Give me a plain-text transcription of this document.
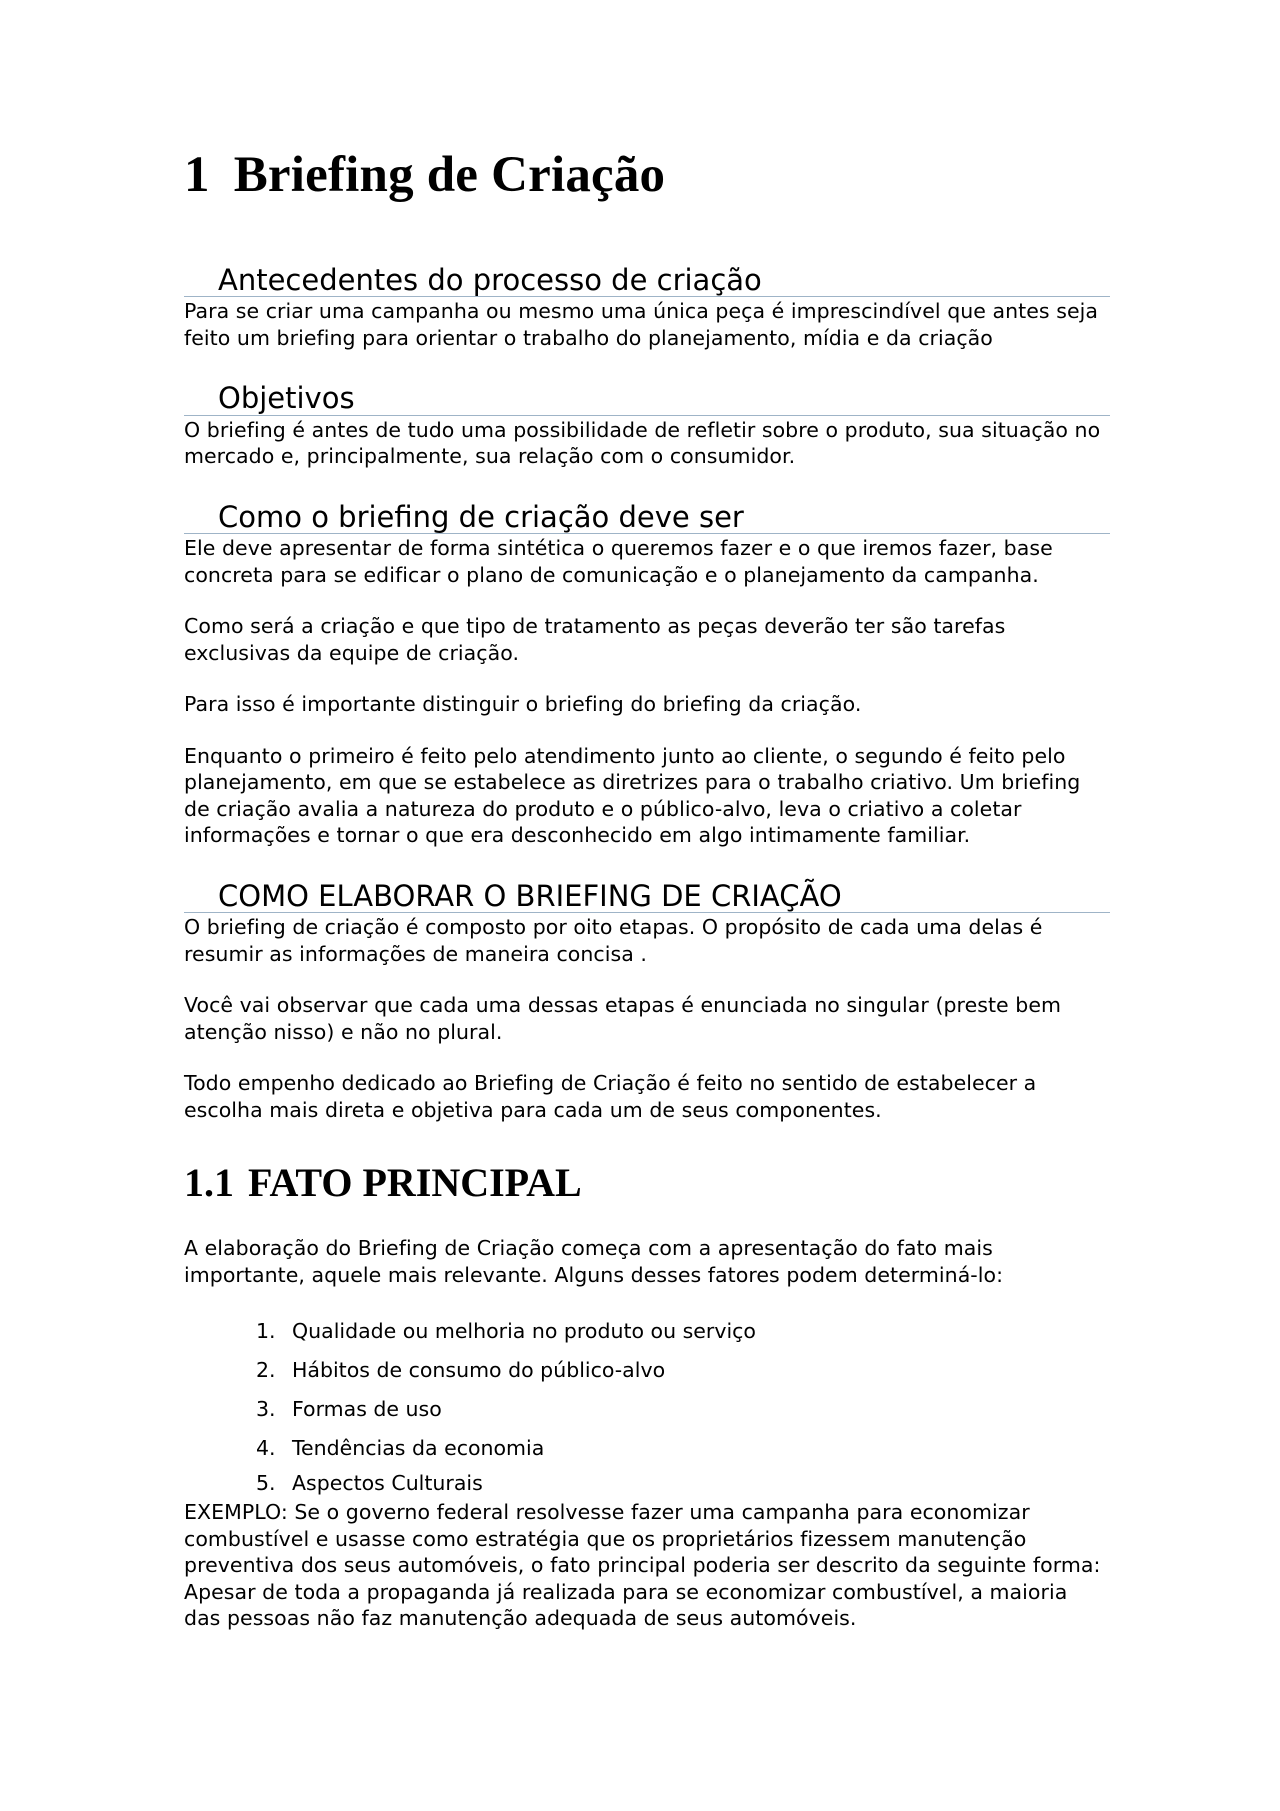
1 Briefing de Criação
Antecedentes do processo de criação

Para se criar uma campanha ou mesmo uma única peça é imprescindível que antes seja feito um briefing para orientar o trabalho do planejamento, mídia e da criação

Objetivos

O briefing é antes de tudo uma possibilidade de refletir sobre o produto, sua situação no mercado e, principalmente, sua relação com o consumidor.

Como o briefing de criação deve ser

Ele deve apresentar de forma sintética o queremos fazer e o que iremos fazer, base concreta para se edificar o plano de comunicação e o planejamento da campanha.

Como será a criação e que tipo de tratamento as peças deverão ter são tarefas exclusivas da equipe de criação.

Para isso é importante distinguir o briefing do briefing da criação.

Enquanto o primeiro é feito pelo atendimento junto ao cliente, o segundo é feito pelo planejamento, em que se estabelece as diretrizes para o trabalho criativo. Um briefing de criação avalia a natureza do produto e o público-alvo, leva o criativo a coletar informações e tornar o que era desconhecido em algo intimamente familiar.

COMO ELABORAR O BRIEFING DE CRIAÇÃO

O briefing de criação é composto por oito etapas. O propósito de cada uma delas é resumir as informações de maneira concisa .

Você vai observar que cada uma dessas etapas é enunciada no singular (preste bem atenção nisso) e não no plural.

Todo empenho dedicado ao Briefing de Criação é feito no sentido de estabelecer a escolha mais direta e objetiva para cada um de seus componentes.

1.1 FATO PRINCIPAL

A elaboração do Briefing de Criação começa com a apresentação do fato mais importante, aquele mais relevante. Alguns desses fatores podem determiná-lo:

1. Qualidade ou melhoria no produto ou serviço
2. Hábitos de consumo do público-alvo
3. Formas de uso
4. Tendências da economia
5. Aspectos Culturais

EXEMPLO: Se o governo federal resolvesse fazer uma campanha para economizar combustível e usasse como estratégia que os proprietários fizessem manutenção preventiva dos seus automóveis, o fato principal poderia ser descrito da seguinte forma: Apesar de toda a propaganda já realizada para se economizar combustível, a maioria das pessoas não faz manutenção adequada de seus automóveis.
